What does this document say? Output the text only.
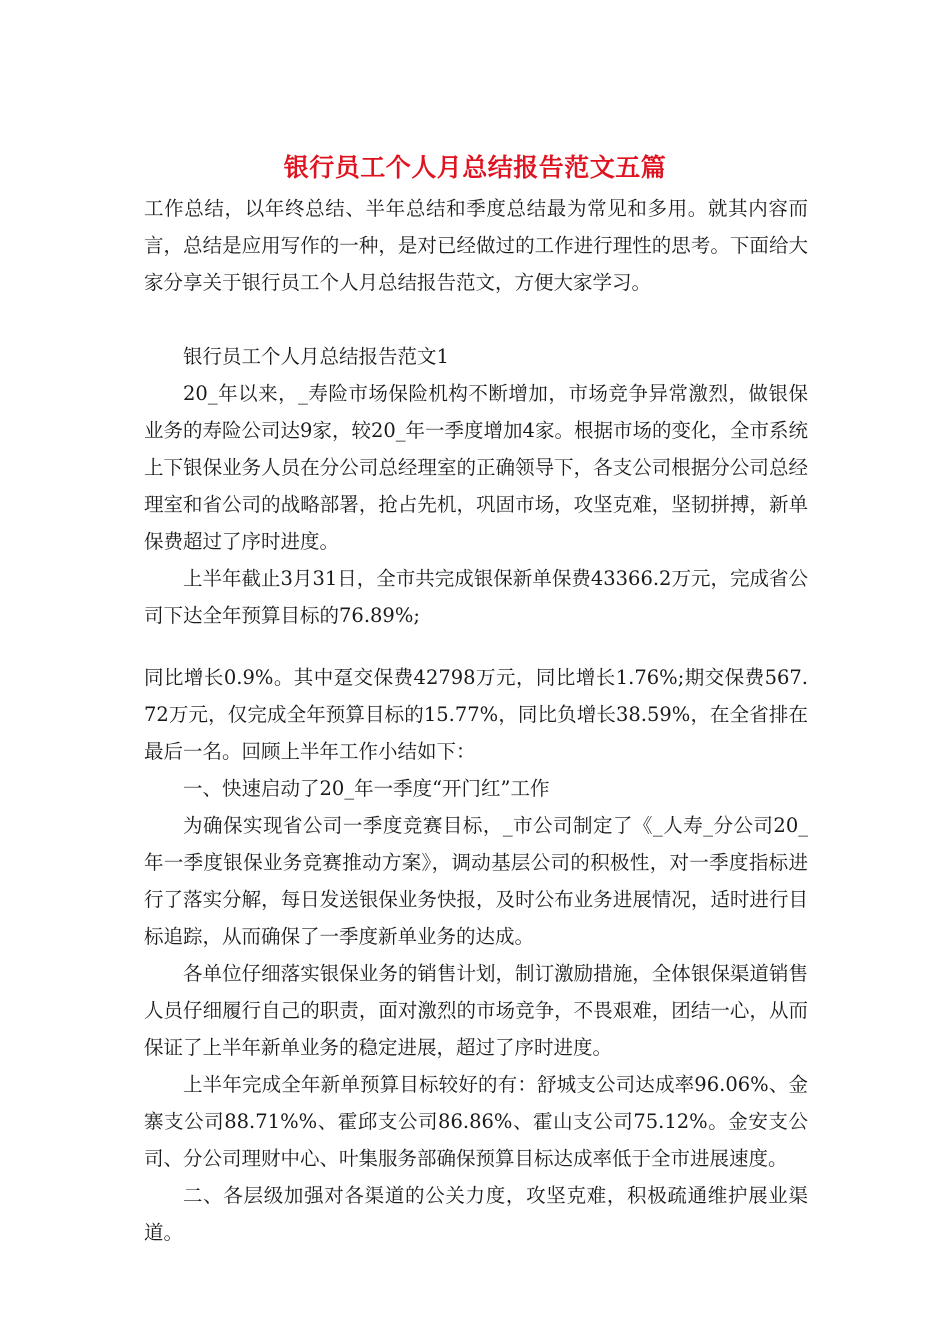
银行员工个人月总结报告范文五篇

工作总结，以年终总结、半年总结和季度总结最为常见和多用。就其内容而言，总结是应用写作的一种，是对已经做过的工作进行理性的思考。下面给大家分享关于银行员工个人月总结报告范文，方便大家学习。

银行员工个人月总结报告范文1

20_年以来，_寿险市场保险机构不断增加，市场竞争异常激烈，做银保业务的寿险公司达9家，较20_年一季度增加4家。根据市场的变化，全市系统上下银保业务人员在分公司总经理室的正确领导下，各支公司根据分公司总经理室和省公司的战略部署，抢占先机，巩固市场，攻坚克难，坚韧拼搏，新单保费超过了序时进度。

上半年截止3月31日，全市共完成银保新单保费43366.2万元，完成省公司下达全年预算目标的76.89%;

同比增长0.9%。其中趸交保费42798万元，同比增长1.76%;期交保费567.72万元，仅完成全年预算目标的15.77%，同比负增长38.59%，在全省排在最后一名。回顾上半年工作小结如下：

一、快速启动了20_年一季度“开门红”工作

为确保实现省公司一季度竞赛目标，_市公司制定了《_人寿_分公司20_年一季度银保业务竞赛推动方案》，调动基层公司的积极性，对一季度指标进行了落实分解，每日发送银保业务快报，及时公布业务进展情况，适时进行目标追踪，从而确保了一季度新单业务的达成。

各单位仔细落实银保业务的销售计划，制订激励措施，全体银保渠道销售人员仔细履行自己的职责，面对激烈的市场竞争，不畏艰难，团结一心，从而保证了上半年新单业务的稳定进展，超过了序时进度。

上半年完成全年新单预算目标较好的有：舒城支公司达成率96.06%、金寨支公司88.71%%、霍邱支公司86.86%、霍山支公司75.12%。金安支公司、分公司理财中心、叶集服务部确保预算目标达成率低于全市进展速度。

二、各层级加强对各渠道的公关力度，攻坚克难，积极疏通维护展业渠道。
